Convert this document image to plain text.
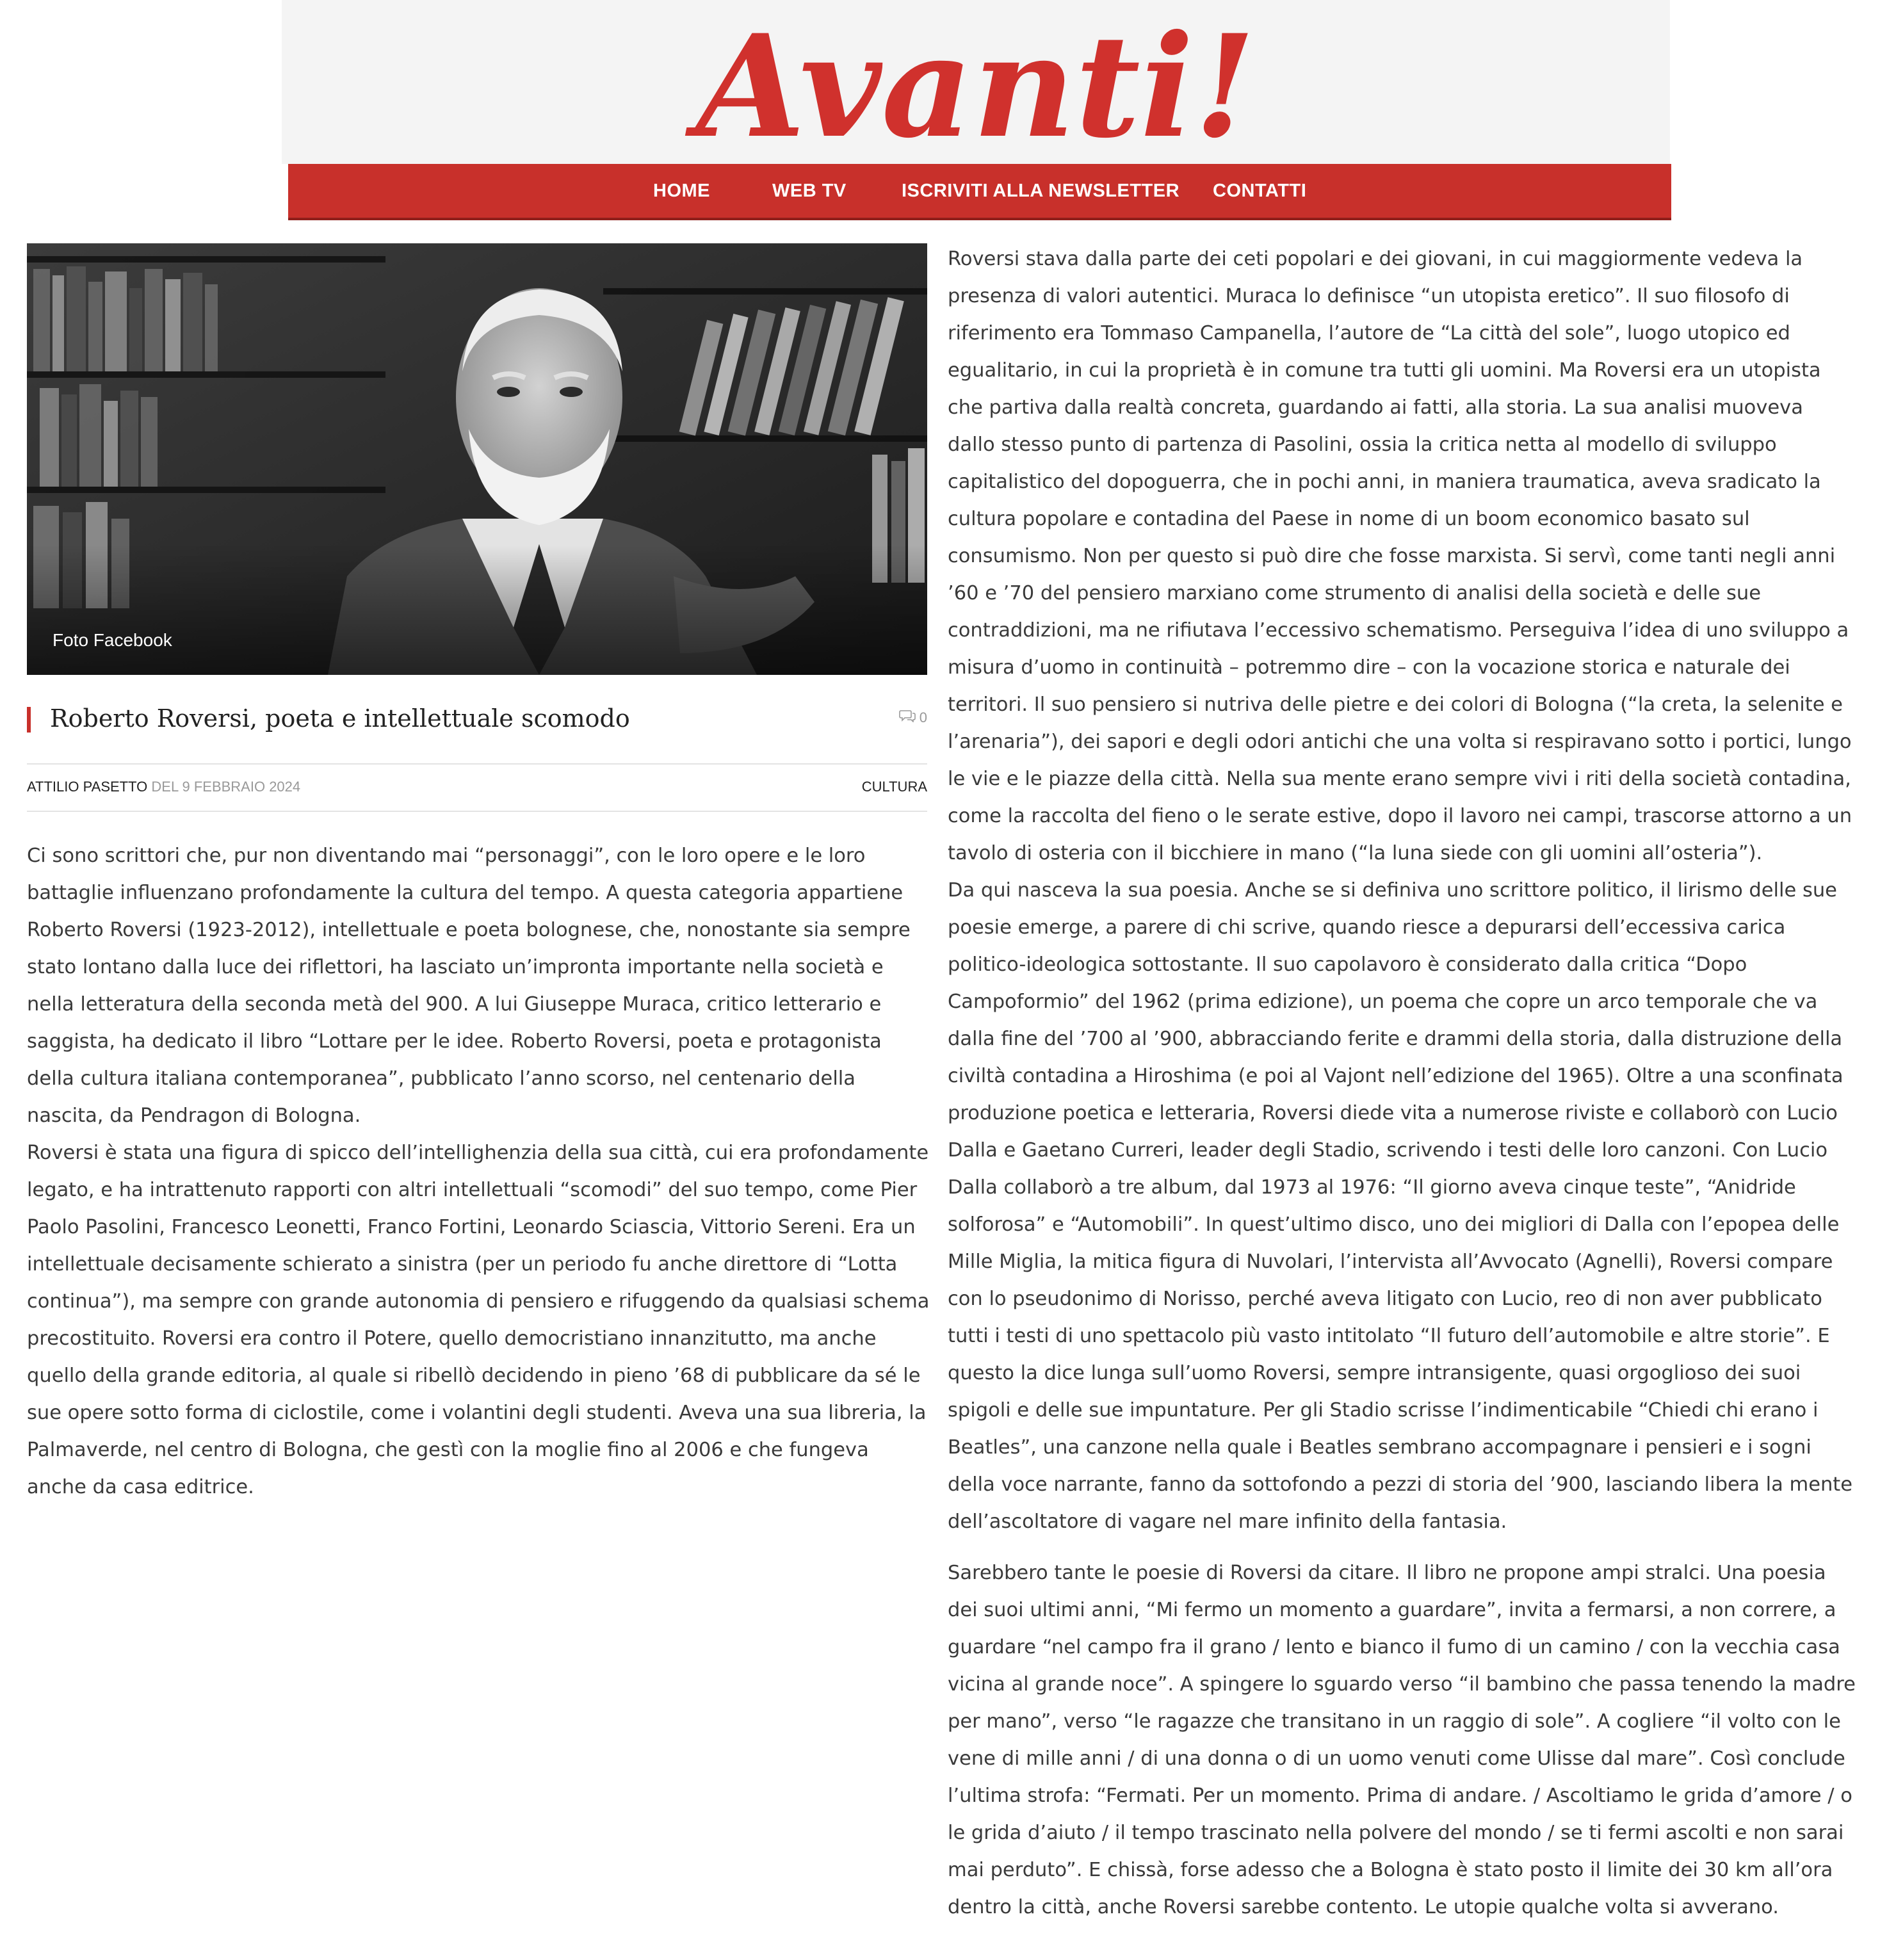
Avanti!
HOME	WEB TV	ISCRIVITI ALLA NEWSLETTER CONTATTI
Foto Facebook
Roberto Roversi, poeta e intellettuale scomodo	0
ATTILIO PASETTO DEL 9 FEBBRAIO 2024	CULTURA

Ci sono scrittori che, pur non diventando mai “personaggi”, con le loro opere e le loro battaglie influenzano profondamente la cultura del tempo. A questa categoria appartiene Roberto Roversi (1923-2012), intellettuale e poeta bolognese, che, nonostante sia sempre stato lontano dalla luce dei riflettori, ha lasciato un’impronta importante nella società e nella letteratura della seconda metà del 900. A lui Giuseppe Muraca, critico letterario e saggista, ha dedicato il libro “Lottare per le idee. Roberto Roversi, poeta e protagonista della cultura italiana contemporanea”, pubblicato l’anno scorso, nel centenario della nascita, da Pendragon di Bologna.

Roversi è stata una figura di spicco dell’intellighenzia della sua città, cui era profondamente legato, e ha intrattenuto rapporti con altri intellettuali “scomodi” del suo tempo, come Pier Paolo Pasolini, Francesco Leonetti, Franco Fortini, Leonardo Sciascia, Vittorio Sereni. Era un intellettuale decisamente schierato a sinistra (per un periodo fu anche direttore di “Lotta continua”), ma sempre con grande autonomia di pensiero e rifuggendo da qualsiasi schema precostituito. Roversi era contro il Potere, quello democristiano innanzitutto, ma anche quello della grande editoria, al quale si ribellò decidendo in pieno ’68 di pubblicare da sé le sue opere sotto forma di ciclostile, come i volantini degli studenti. Aveva una sua libreria, la Palmaverde, nel centro di Bologna, che gestì con la moglie fino al 2006 e che fungeva anche da casa editrice.

Roversi stava dalla parte dei ceti popolari e dei giovani, in cui maggiormente vedeva la presenza di valori autentici. Muraca lo definisce “un utopista eretico”. Il suo filosofo di riferimento era Tommaso Campanella, l’autore de “La città del sole”, luogo utopico ed egualitario, in cui la proprietà è in comune tra tutti gli uomini. Ma Roversi era un utopista che partiva dalla realtà concreta, guardando ai fatti, alla storia. La sua analisi muoveva dallo stesso punto di partenza di Pasolini, ossia la critica netta al modello di sviluppo capitalistico del dopoguerra, che in pochi anni, in maniera traumatica, aveva sradicato la cultura popolare e contadina del Paese in nome di un boom economico basato sul consumismo. Non per questo si può dire che fosse marxista. Si servì, come tanti negli anni ’60 e ’70 del pensiero marxiano come strumento di analisi della società e delle sue contraddizioni, ma ne rifiutava l’eccessivo schematismo. Perseguiva l’idea di uno sviluppo a misura d’uomo in continuità – potremmo dire – con la vocazione storica e naturale dei territori. Il suo pensiero si nutriva delle pietre e dei colori di Bologna (“la creta, la selenite e l’arenaria”), dei sapori e degli odori antichi che una volta si respiravano sotto i portici, lungo le vie e le piazze della città. Nella sua mente erano sempre vivi i riti della società contadina, come la raccolta del fieno o le serate estive, dopo il lavoro nei campi, trascorse attorno a un tavolo di osteria con il bicchiere in mano (“la luna siede con gli uomini all’osteria”).

Da qui nasceva la sua poesia. Anche se si definiva uno scrittore politico, il lirismo delle sue poesie emerge, a parere di chi scrive, quando riesce a depurarsi dell’eccessiva carica politico-ideologica sottostante. Il suo capolavoro è considerato dalla critica “Dopo Campoformio” del 1962 (prima edizione), un poema che copre un arco temporale che va dalla fine del ’700 al ’900, abbracciando ferite e drammi della storia, dalla distruzione della civiltà contadina a Hiroshima (e poi al Vajont nell’edizione del 1965). Oltre a una sconfinata produzione poetica e letteraria, Roversi diede vita a numerose riviste e collaborò con Lucio Dalla e Gaetano Curreri, leader degli Stadio, scrivendo i testi delle loro canzoni. Con Lucio Dalla collaborò a tre album, dal 1973 al 1976: “Il giorno aveva cinque teste”, “Anidride solforosa” e “Automobili”. In quest’ultimo disco, uno dei migliori di Dalla con l’epopea delle Mille Miglia, la mitica figura di Nuvolari, l’intervista all’Avvocato (Agnelli), Roversi compare con lo pseudonimo di Norisso, perché aveva litigato con Lucio, reo di non aver pubblicato tutti i testi di uno spettacolo più vasto intitolato “Il futuro dell’automobile e altre storie”. E questo la dice lunga sull’uomo Roversi, sempre intransigente, quasi orgoglioso dei suoi spigoli e delle sue impuntature. Per gli Stadio scrisse l’indimenticabile “Chiedi chi erano i Beatles”, una canzone nella quale i Beatles sembrano accompagnare i pensieri e i sogni della voce narrante, fanno da sottofondo a pezzi di storia del ’900, lasciando libera la mente dell’ascoltatore di vagare nel mare infinito della fantasia.

Sarebbero tante le poesie di Roversi da citare. Il libro ne propone ampi stralci. Una poesia dei suoi ultimi anni, “Mi fermo un momento a guardare”, invita a fermarsi, a non correre, a guardare “nel campo fra il grano / lento e bianco il fumo di un camino / con la vecchia casa vicina al grande noce”. A spingere lo sguardo verso “il bambino che passa tenendo la madre per mano”, verso “le ragazze che transitano in un raggio di sole”. A cogliere “il volto con le vene di mille anni / di una donna o di un uomo venuti come Ulisse dal mare”. Così conclude l’ultima strofa: “Fermati. Per un momento. Prima di andare. / Ascoltiamo le grida d’amore / o le grida d’aiuto / il tempo trascinato nella polvere del mondo / se ti fermi ascolti e non sarai mai perduto”. E chissà, forse adesso che a Bologna è stato posto il limite dei 30 km all’ora dentro la città, anche Roversi sarebbe contento. Le utopie qualche volta si avverano.
